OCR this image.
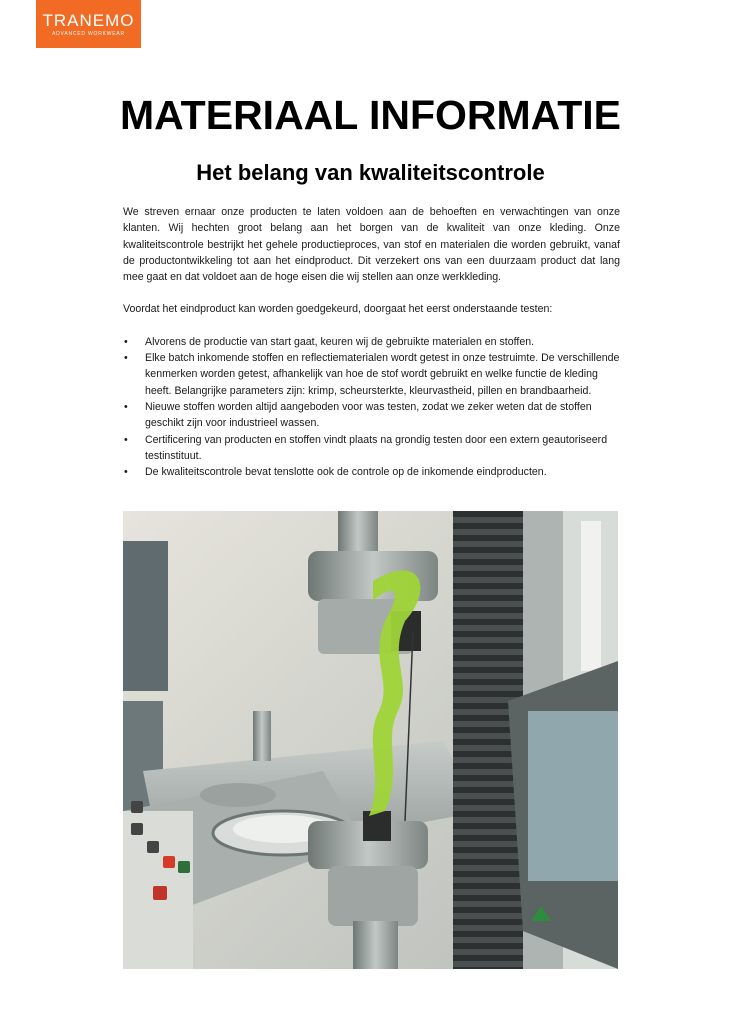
TRANEMO
ADVANCED WORKWEAR
MATERIAAL INFORMATIE
Het belang van kwaliteitscontrole

We streven ernaar onze producten te laten voldoen aan de behoeften en verwachtingen van onze klanten. Wij hechten groot belang aan het borgen van de kwaliteit van onze kleding. Onze kwaliteitscontrole bestrijkt het gehele productieproces, van stof en materialen die worden gebruikt, vanaf de productontwikkeling tot aan het eindproduct. Dit verzekert ons van een duurzaam product dat lang mee gaat en dat voldoet aan de hoge eisen die wij stellen aan onze werkkleding.

Voordat het eindproduct kan worden goedgekeurd, doorgaat het eerst onderstaande testen:

• Alvorens de productie van start gaat, keuren wij de gebruikte materialen en stoffen.
• Elke batch inkomende stoffen en reflectiematerialen wordt getest in onze testruimte. De verschillende kenmerken worden getest, afhankelijk van hoe de stof wordt gebruikt en welke functie de kleding heeft. Belangrijke parameters zijn: krimp, scheursterkte, kleurvastheid, pillen en brandbaarheid.
• Nieuwe stoffen worden altijd aangeboden voor was testen, zodat we zeker weten dat de stoffen geschikt zijn voor industrieel wassen.
• Certificering van producten en stoffen vindt plaats na grondig testen door een extern geautoriseerd testinstituut.
• De kwaliteitscontrole bevat tenslotte ook de controle op de inkomende eindproducten.
